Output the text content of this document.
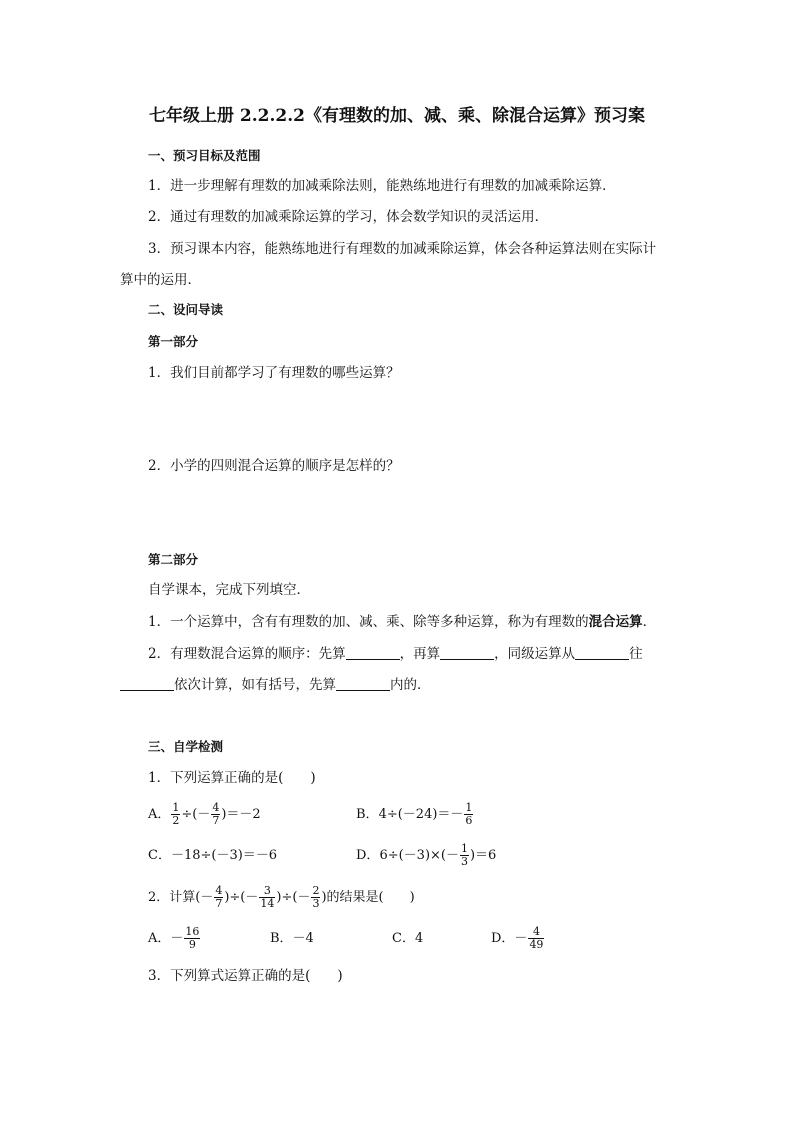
七年级上册 2.2.2.2《有理数的加、减、乘、除混合运算》预习案
一、预习目标及范围
1．进一步理解有理数的加减乘除法则，能熟练地进行有理数的加减乘除运算．
2．通过有理数的加减乘除运算的学习，体会数学知识的灵活运用．
3．预习课本内容，能熟练地进行有理数的加减乘除运算，体会各种运算法则在实际计
算中的运用．
二、设问导读
第一部分
1．我们目前都学习了有理数的哪些运算？
2．小学的四则混合运算的顺序是怎样的？
第二部分
自学课本，完成下列填空．
1．一个运算中，含有有理数的加、减、乘、除等多种运算，称为有理数的混合运算．
2．有理数混合运算的顺序：先算	，再算	，同级运算从	往
依次计算，如有括号，先算	内的．
三、自学检测
1．下列运算正确的是(　　)
A． $\frac{1}{2}$ ÷(－ $\frac{4}{7} )=-2$	B．$4\div(-24)=- \frac{1}{6}$
C．－18÷(－3)＝－6	D．$6\div(-3)\times(- \frac{1}{3} )=6$
2．计算(－ $\frac{4}{7}$ )÷(－ $\frac{3}{14}$ )÷(－ $\frac{2}{3}$ )的结果是(　　)
A．－ $\frac{16}{9}$	B．－4	C．4	D．－ $\frac{4}{49}$
3．下列算式运算正确的是(　　)
